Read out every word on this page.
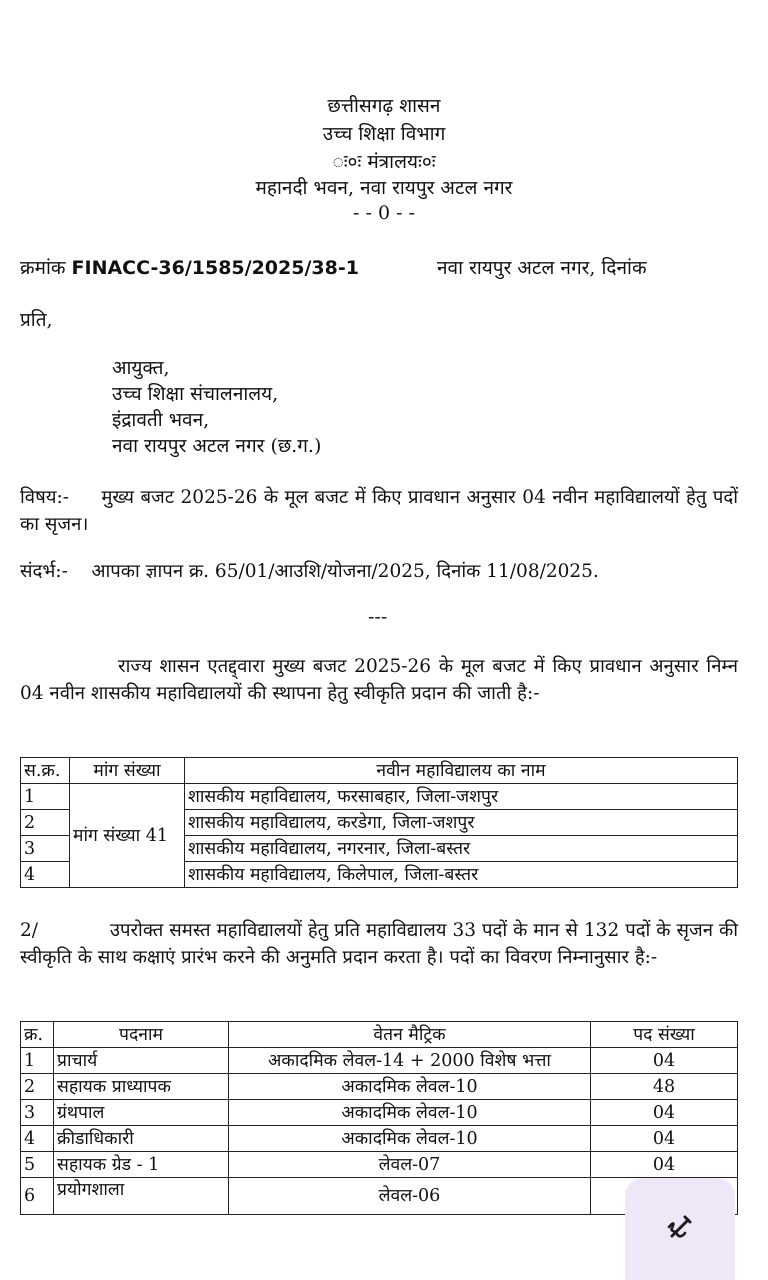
छत्तीसगढ़ शासन
उच्च शिक्षा विभाग
ः०ः मंत्रालयः०ः
महानदी भवन, नवा रायपुर अटल नगर
- - 0 - -
क्रमांक FINACC-36/1585/2025/38-1	नवा रायपुर अटल नगर, दिनांक
प्रति,
आयुक्त,
उच्च शिक्षा संचालनालय,
इंद्रावती भवन,
नवा रायपुर अटल नगर (छ.ग.)
विषय:- मुख्य बजट 2025-26 के मूल बजट में किए प्रावधान अनुसार 04 नवीन महाविद्यालयों हेतु पदों का सृजन।
संदर्भ:- आपका ज्ञापन क्र. 65/01/आउशि/योजना/2025, दिनांक 11/08/2025.
---
राज्य शासन एतद्द्वारा मुख्य बजट 2025-26 के मूल बजट में किए प्रावधान अनुसार निम्न 04 नवीन शासकीय महाविद्यालयों की स्थापना हेतु स्वीकृति प्रदान की जाती है:-
स.क्र.	मांग संख्या	नवीन महाविद्यालय का नाम
1	मांग संख्या 41	शासकीय महाविद्यालय, फरसाबहार, जिला-जशपुर
2		शासकीय महाविद्यालय, करडेगा, जिला-जशपुर
3		शासकीय महाविद्यालय, नगरनार, जिला-बस्तर
4		शासकीय महाविद्यालय, किलेपाल, जिला-बस्तर
2/	उपरोक्त समस्त महाविद्यालयों हेतु प्रति महाविद्यालय 33 पदों के मान से 132 पदों के सृजन की स्वीकृति के साथ कक्षाएं प्रारंभ करने की अनुमति प्रदान करता है। पदों का विवरण निम्नानुसार है:-
क्र.	पदनाम	वेतन मैट्रिक	पद संख्या
1	प्राचार्य	अकादमिक लेवल-14 + 2000 विशेष भत्ता	04
2	सहायक प्राध्यापक	अकादमिक लेवल-10	48
3	ग्रंथपाल	अकादमिक लेवल-10	04
4	क्रीडाधिकारी	अकादमिक लेवल-10	04
5	सहायक ग्रेड - 1	लेवल-07	04
6	प्रयोगशाला	लेवल-06	
